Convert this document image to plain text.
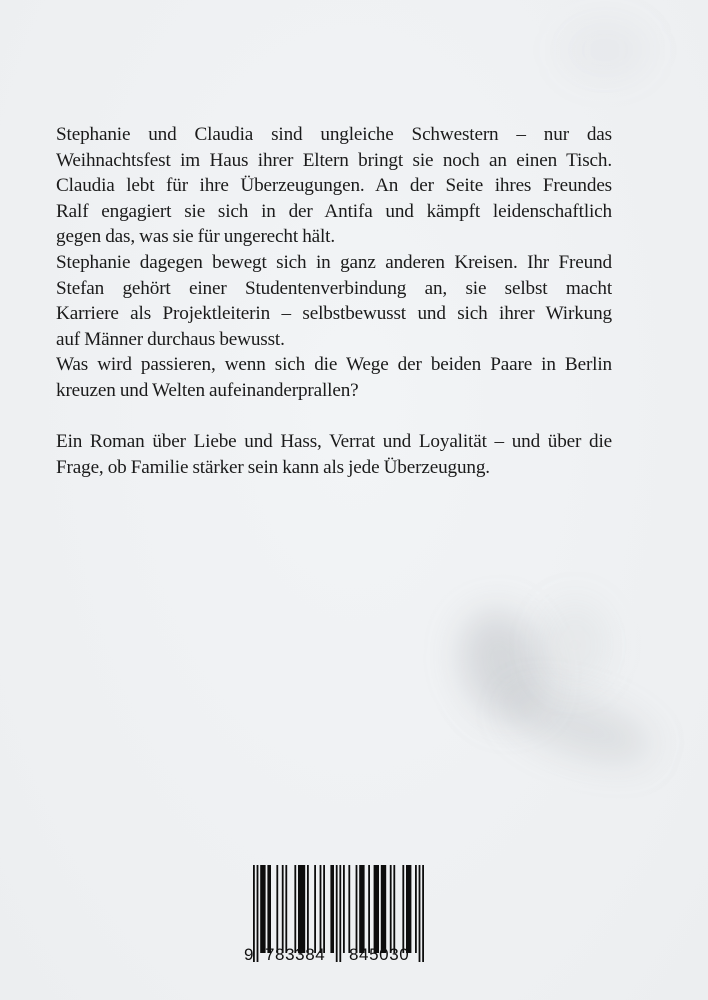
Stephanie und Claudia sind ungleiche Schwestern – nur das
Weihnachtsfest im Haus ihrer Eltern bringt sie noch an einen Tisch.
Claudia lebt für ihre Überzeugungen. An der Seite ihres Freundes
Ralf engagiert sie sich in der Antifa und kämpft leidenschaftlich
gegen das, was sie für ungerecht hält.
Stephanie dagegen bewegt sich in ganz anderen Kreisen. Ihr Freund
Stefan gehört einer Studentenverbindung an, sie selbst macht
Karriere als Projektleiterin – selbstbewusst und sich ihrer Wirkung
auf Männer durchaus bewusst.
Was wird passieren, wenn sich die Wege der beiden Paare in Berlin
kreuzen und Welten aufeinanderprallen?
Ein Roman über Liebe und Hass, Verrat und Loyalität – und über die
Frage, ob Familie stärker sein kann als jede Überzeugung.
9 783384 845030
